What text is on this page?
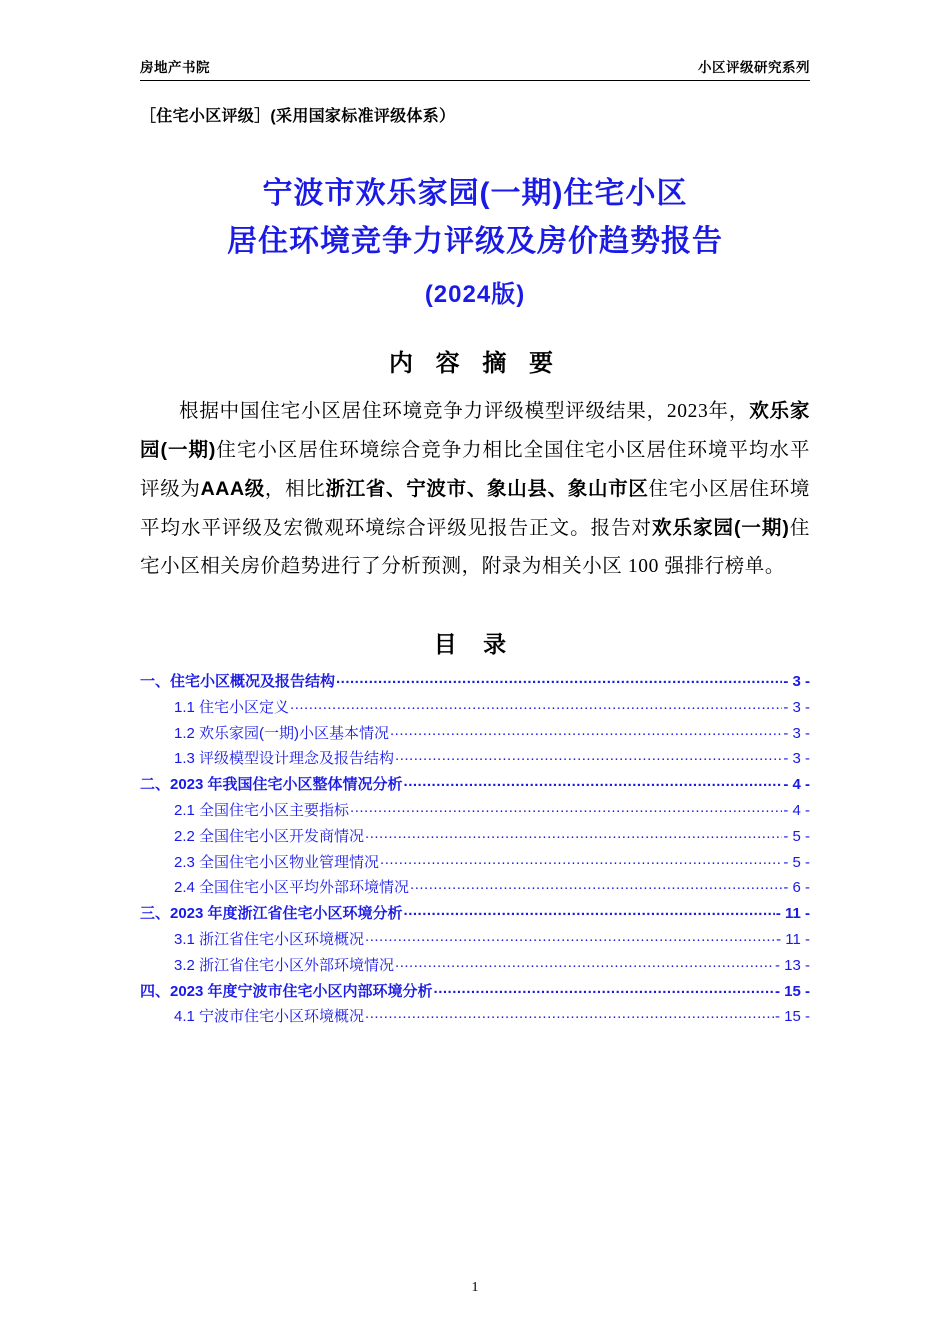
房地产书院	小区评级研究系列
［住宅小区评级］(采用国家标准评级体系）
宁波市欢乐家园(一期)住宅小区
居住环境竞争力评级及房价趋势报告
(2024版)
内 容 摘 要
根据中国住宅小区居住环境竞争力评级模型评级结果，2023年，欢乐家园(一期)住宅小区居住环境综合竞争力相比全国住宅小区居住环境平均水平评级为AAA级，相比浙江省、宁波市、象山县、象山市区住宅小区居住环境平均水平评级及宏微观环境综合评级见报告正文。报告对欢乐家园(一期)住宅小区相关房价趋势进行了分析预测，附录为相关小区 100 强排行榜单。
目 录
一、住宅小区概况及报告结构 .....	- 3 -
1.1 住宅小区定义 .....	- 3 -
1.2 欢乐家园(一期)小区基本情况 .....	- 3 -
1.3 评级模型设计理念及报告结构 .....	- 3 -
二、2023 年我国住宅小区整体情况分析 .....	- 4 -
2.1 全国住宅小区主要指标 .....	- 4 -
2.2 全国住宅小区开发商情况 .....	- 5 -
2.3 全国住宅小区物业管理情况 .....	- 5 -
2.4 全国住宅小区平均外部环境情况 .....	- 6 -
三、2023 年度浙江省住宅小区环境分析 .....	- 11 -
3.1 浙江省住宅小区环境概况 .....	- 11 -
3.2 浙江省住宅小区外部环境情况 .....	- 13 -
四、2023 年度宁波市住宅小区内部环境分析 .....	- 15 -
4.1 宁波市住宅小区环境概况 .....	- 15 -
1
